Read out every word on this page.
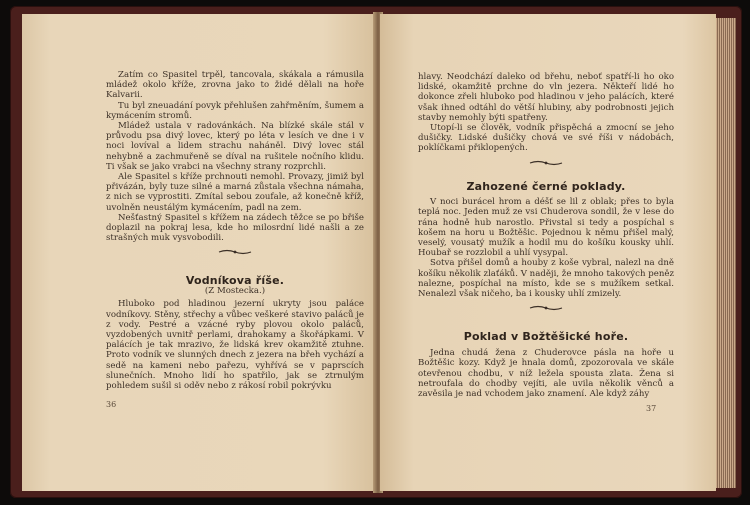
Zatím co Spasitel trpěl, tancovala, skákala a rámusila mládež okolo kříže, zrovna jako to židé dělali na hoře Kalvarii.

Tu byl zneuadání povyk přehlušen zahřměním, šumem a kymácením stromů.

Mládež ustala v radovánkách. Na blízké skále stál v průvodu psa divý lovec, který po léta v lesích ve dne i v noci lovíval a lidem strachu naháněl. Divý lovec stál nehybně a zachmuřeně se díval na rušitele nočního klidu. Ti však se jako vrabci na všechny strany rozprchli.

Ale Spasitel s kříže prchnouti nemohl. Provazy, jimiž byl přivázán, byly tuze silné a marná zůstala všechna námaha, z nich se vyprostiti. Zmítal sebou zoufale, až konečně kříž, uvolněn neustálým kymácením, padl na zem.

Nešťastný Spasitel s křížem na zádech těžce se po břiše doplazil na pokraj lesa, kde ho milosrdní lidé našli a ze strašných muk vysvobodili.

Vodníkova říše.
(Z Mostecka.)

Hluboko pod hladinou jezerní ukryty jsou paláce vodníkovy. Stěny, střechy a vůbec veškeré stavivo paláců je z vody. Pestré a vzácné ryby plovou okolo paláců, vyzdobených uvnitř perlami, drahokamy a škořápkami. V palácích je tak mrazivo, že lidská krev okamžitě ztuhne. Proto vodník ve slunných dnech z jezera na břeh vychází a sedě na kameni nebo pařezu, vyhřívá se v paprscích slunečních. Mnoho lidí ho spatřilo, jak se ztrnulým pohledem sušil si oděv nebo z rákosí robil pokrývku

36

hlavy. Neodchází daleko od břehu, neboť spatří-li ho oko lidské, okamžitě prchne do vln jezera. Někteří lidé ho dokonce zřeli hluboko pod hladinou v jeho palácích, které však ihned odtáhl do větší hlubiny, aby podrobnosti jejich stavby nemohly býti spatřeny.

Utopí-li se člověk, vodník přispěchá a zmocní se jeho dušičky. Lidské dušičky chová ve své říši v nádobách, poklíčkami přiklopených.

Zahozené černé poklady.

V noci burácel hrom a déšť se lil z oblak; přes to byla teplá noc. Jeden muž ze vsi Chuderova sondil, že v lese do rána hodně hub narostlo. Přivstal si tedy a pospíchal s košem na horu u Božtěšic. Pojednou k němu přišel malý, veselý, vousatý mužík a hodil mu do košíku kousky uhlí. Houbař se rozzlobil a uhlí vysypal.

Sotva přišel domů a houby z koše vybral, nalezl na dně košíku několik zlaťáků. V naději, že mnoho takových peněz nalezne, pospíchal na místo, kde se s mužíkem setkal. Nenalezl však ničeho, ba i kousky uhlí zmizely.

Poklad v Božtěšické hoře.

Jedna chudá žena z Chuderovce pásla na hoře u Božtěšic kozy. Když je hnala domů, zpozorovala ve skále otevřenou chodbu, v níž ležela spousta zlata. Žena si netroufala do chodby vejíti, ale uvila několik věnců a zavěsila je nad vchodem jako znamení. Ale když záhy

37
